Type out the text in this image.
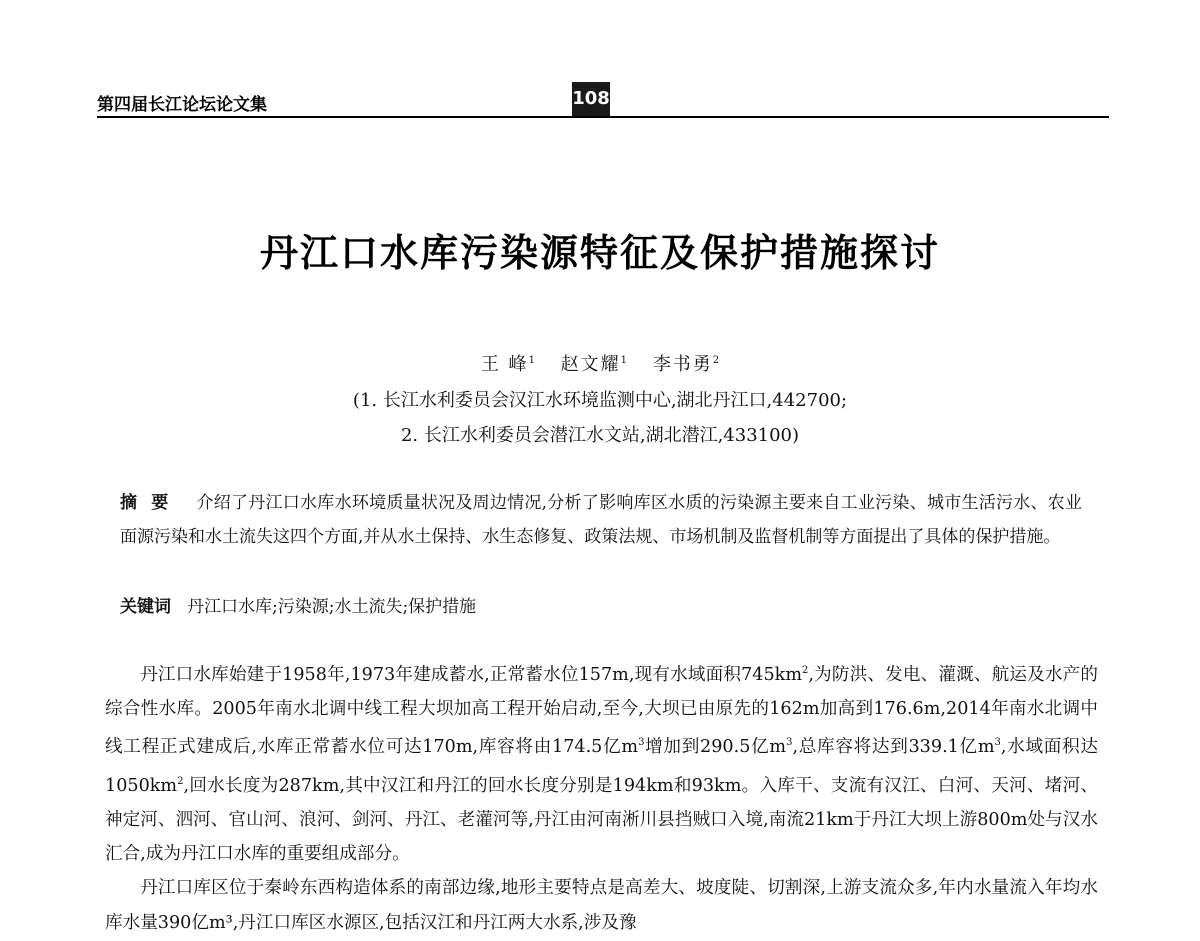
第四届长江论坛论文集	108
丹江口水库污染源特征及保护措施探讨
王 峰$^1$ 赵文耀$^1$ 李书勇$^2$
(1. 长江水利委员会汉江水环境监测中心,湖北丹江口,442700;
2. 长江水利委员会潜江水文站,湖北潜江,433100)
摘要 介绍了丹江口水库水环境质量状况及周边情况,分析了影响库区水质的污染源主要来自工业污染、城市生活污水、农业面源污染和水土流失这四个方面,并从水土保持、水生态修复、政策法规、市场机制及监督机制等方面提出了具体的保护措施。
关键词 丹江口水库;污染源;水土流失;保护措施

丹江口水库始建于1958年,1973年建成蓄水,正常蓄水位157m,现有水域面积$745km^2$,为防洪、发电、灌溉、航运及水产的综合性水库。2005年南水北调中线工程大坝加高工程开始启动,至今,大坝已由原先的162m加高到176.6m,2014年南水北调中线工程正式建成后,水库正常蓄水位可达170m,库容将由174.5亿$m^3$增加到290.5亿$m^3$,总库容将达到339.1亿$m^3$,水域面积达$1050km^2$,回水长度为287km,其中汉江和丹江的回水长度分别是194km和93km。入库干、支流有汉江、白河、天河、堵河、神定河、泗河、官山河、浪河、剑河、丹江、老灌河等,丹江由河南淅川县挡贼口入境,南流21km于丹江大坝上游800m处与汉水汇合,成为丹江口水库的重要组成部分。

丹江口库区位于秦岭东西构造体系的南部边缘,地形主要特点是高差大、坡度陡、切割深,上游支流众多,年内水量流入年均水库水量390亿m³,丹江口库区水源区,包括汉江和丹江两大水系,涉及豫
